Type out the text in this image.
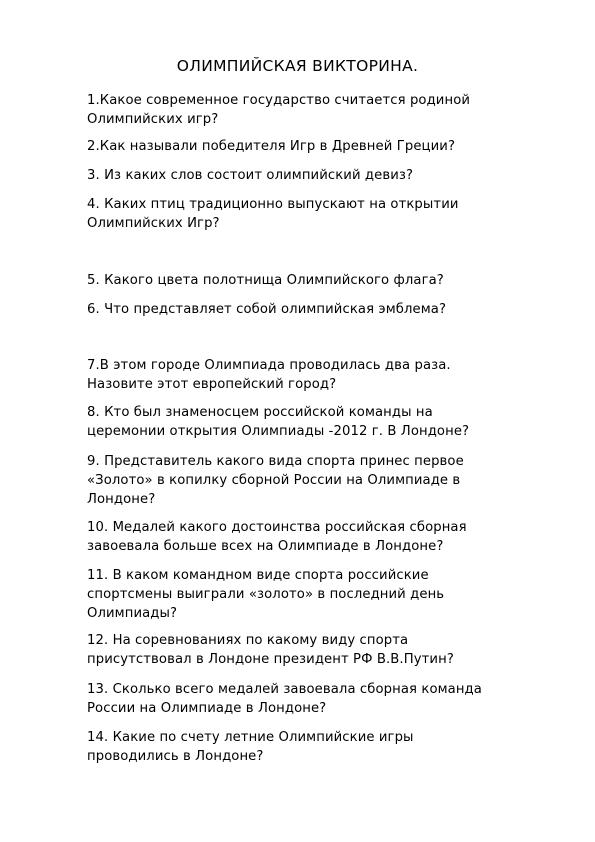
ОЛИМПИЙСКАЯ ВИКТОРИНА.
1.Какое современное государство считается родиной
Олимпийских игр?
2.Как называли победителя Игр в Древней Греции?
3. Из каких слов состоит олимпийский девиз?
4. Каких птиц традиционно выпускают на открытии
Олимпийских Игр?
5. Какого цвета полотнища Олимпийского флага?
6. Что представляет собой олимпийская эмблема?
7.В этом городе Олимпиада проводилась два раза.
Назовите этот европейский город?
8. Кто был знаменосцем российской команды на
церемонии открытия Олимпиады -2012 г. В Лондоне?
9. Представитель какого вида спорта принес первое
«Золото» в копилку сборной России на Олимпиаде в
Лондоне?
10. Медалей какого достоинства российская сборная
завоевала больше всех на Олимпиаде в Лондоне?
11. В каком командном виде спорта российские
спортсмены выиграли «золото» в последний день
Олимпиады?
12. На соревнованиях по какому виду спорта
присутствовал в Лондоне президент РФ В.В.Путин?
13. Сколько всего медалей завоевала сборная команда
России на Олимпиаде в Лондоне?
14. Какие по счету летние Олимпийские игры
проводились в Лондоне?
